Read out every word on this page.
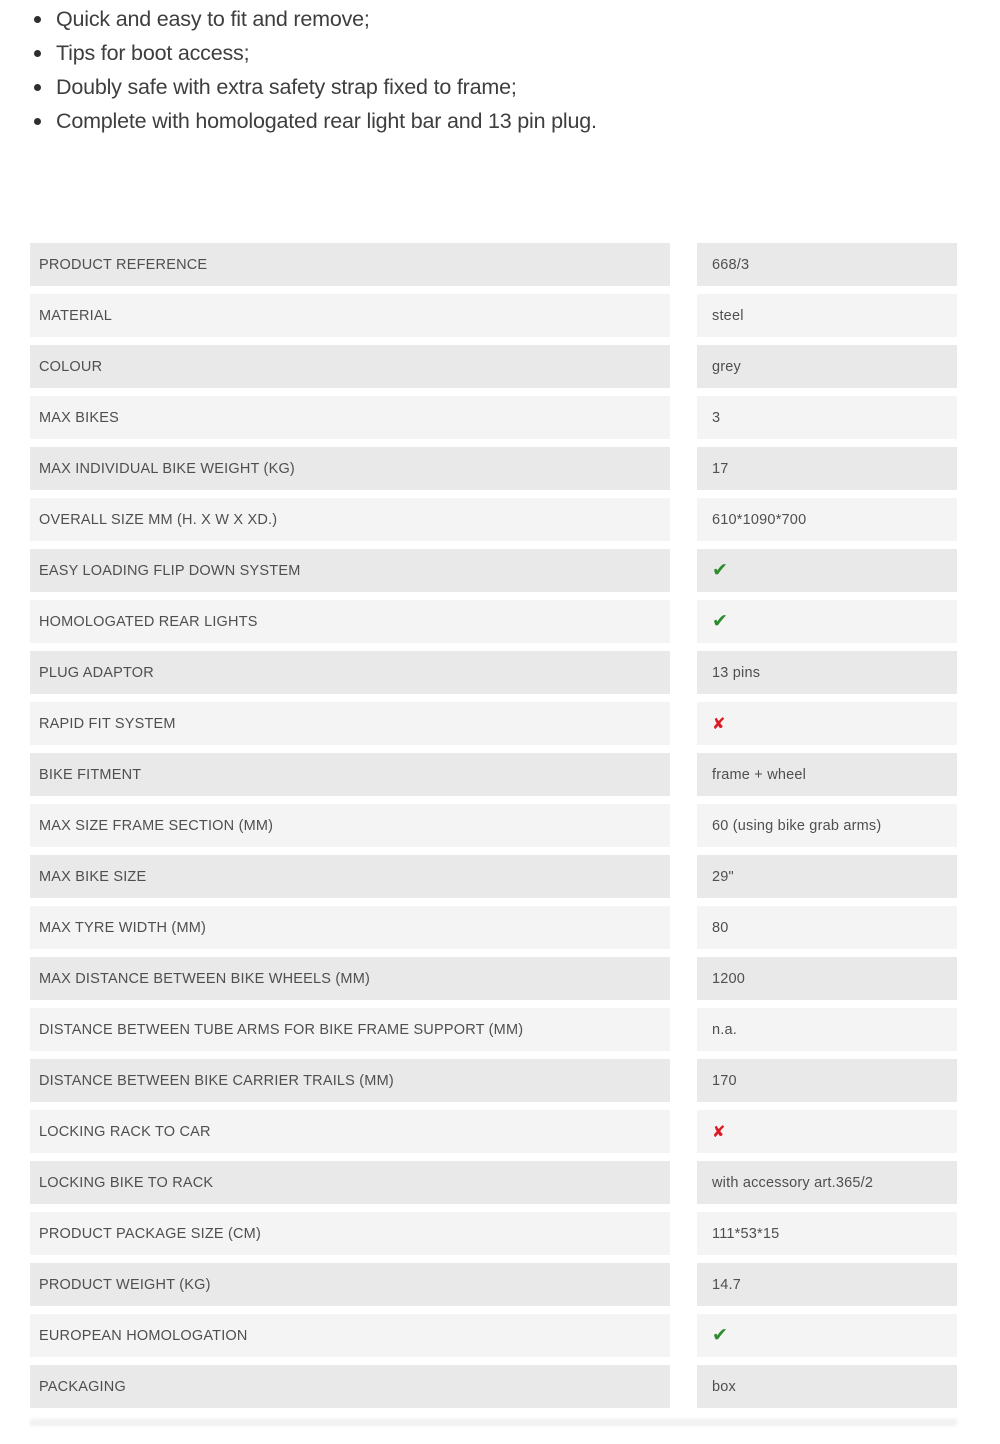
Quick and easy to fit and remove;
Tips for boot access;
Doubly safe with extra safety strap fixed to frame;
Complete with homologated rear light bar and 13 pin plug.
PRODUCT REFERENCE	668/3
MATERIAL	steel
COLOUR	grey
MAX BIKES	3
MAX INDIVIDUAL BIKE WEIGHT (KG)	17
OVERALL SIZE MM (H. X W X XD.)	610*1090*700
EASY LOADING FLIP DOWN SYSTEM	✔
HOMOLOGATED REAR LIGHTS	✔
PLUG ADAPTOR	13 pins
RAPID FIT SYSTEM	✘
BIKE FITMENT	frame + wheel
MAX SIZE FRAME SECTION (MM)	60 (using bike grab arms)
MAX BIKE SIZE	29"
MAX TYRE WIDTH (MM)	80
MAX DISTANCE BETWEEN BIKE WHEELS (MM)	1200
DISTANCE BETWEEN TUBE ARMS FOR BIKE FRAME SUPPORT (MM)	n.a.
DISTANCE BETWEEN BIKE CARRIER TRAILS (MM)	170
LOCKING RACK TO CAR	✘
LOCKING BIKE TO RACK	with accessory art.365/2
PRODUCT PACKAGE SIZE (CM)	111*53*15
PRODUCT WEIGHT (KG)	14.7
EUROPEAN HOMOLOGATION	✔
PACKAGING	box
